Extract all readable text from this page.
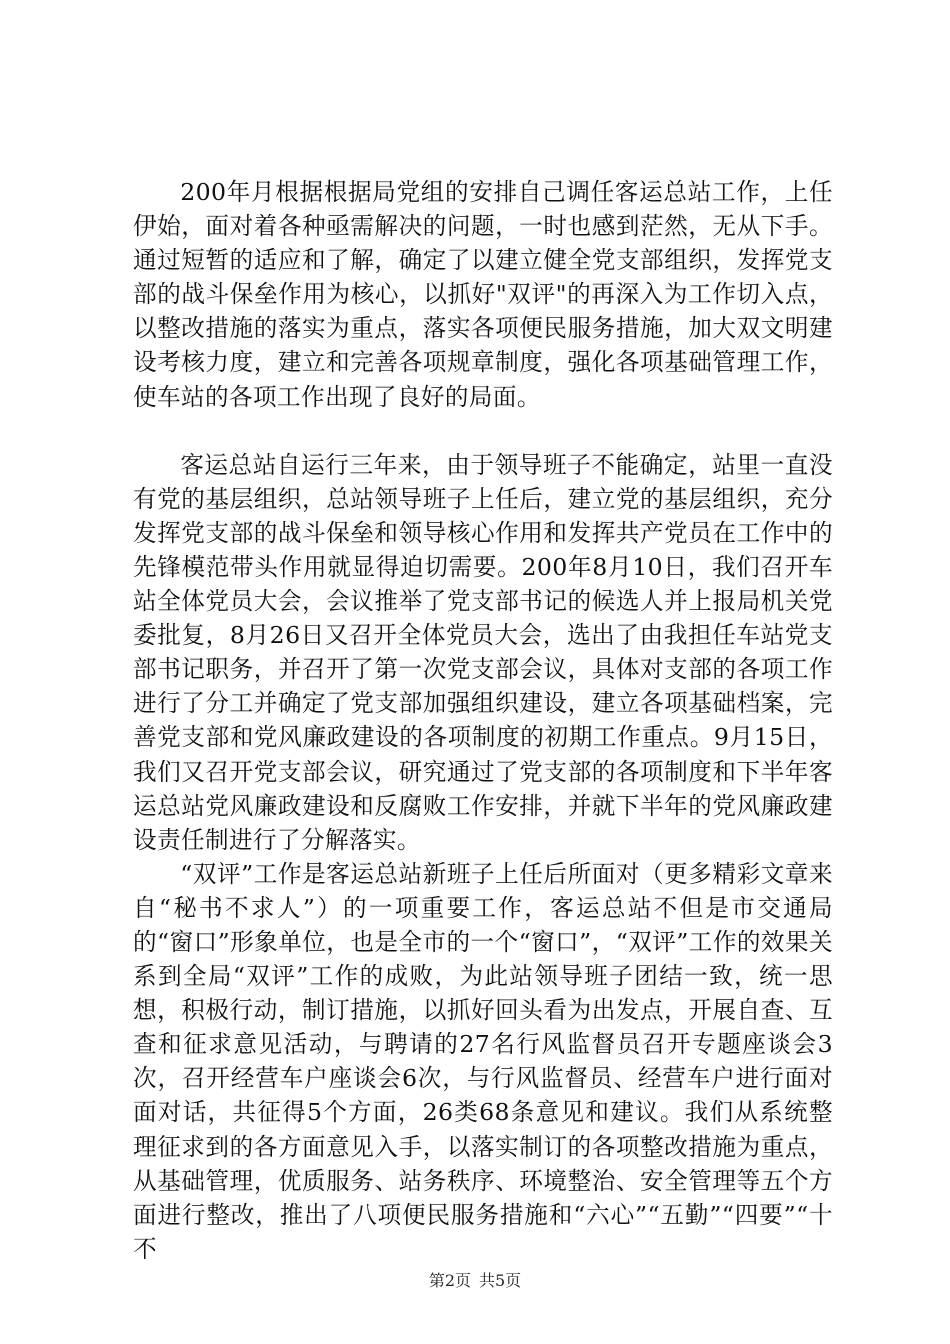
200年月根据根据局党组的安排自己调任客运总站工作，上任伊始，面对着各种亟需解决的问题，一时也感到茫然，无从下手。通过短暂的适应和了解，确定了以建立健全党支部组织，发挥党支部的战斗保垒作用为核心，以抓好"双评"的再深入为工作切入点，以整改措施的落实为重点，落实各项便民服务措施，加大双文明建设考核力度，建立和完善各项规章制度，强化各项基础管理工作，使车站的各项工作出现了良好的局面。

客运总站自运行三年来，由于领导班子不能确定，站里一直没有党的基层组织，总站领导班子上任后，建立党的基层组织，充分发挥党支部的战斗保垒和领导核心作用和发挥共产党员在工作中的先锋模范带头作用就显得迫切需要。200年8月10日，我们召开车站全体党员大会，会议推举了党支部书记的候选人并上报局机关党委批复，8月26日又召开全体党员大会，选出了由我担任车站党支部书记职务，并召开了第一次党支部会议，具体对支部的各项工作进行了分工并确定了党支部加强组织建设，建立各项基础档案，完善党支部和党风廉政建设的各项制度的初期工作重点。9月15日，我们又召开党支部会议，研究通过了党支部的各项制度和下半年客运总站党风廉政建设和反腐败工作安排，并就下半年的党风廉政建设责任制进行了分解落实。

“双评”工作是客运总站新班子上任后所面对（更多精彩文章来自“秘书不求人”）的一项重要工作，客运总站不但是市交通局的“窗口”形象单位，也是全市的一个“窗口”，“双评”工作的效果关系到全局“双评”工作的成败，为此站领导班子团结一致，统一思想，积极行动，制订措施，以抓好回头看为出发点，开展自查、互查和征求意见活动，与聘请的27名行风监督员召开专题座谈会3次，召开经营车户座谈会6次，与行风监督员、经营车户进行面对面对话，共征得5个方面，26类68条意见和建议。我们从系统整理征求到的各方面意见入手，以落实制订的各项整改措施为重点，从基础管理，优质服务、站务秩序、环境整治、安全管理等五个方面进行整改，推出了八项便民服务措施和“六心”“五勤”“四要”“十不

第2页 共5页
